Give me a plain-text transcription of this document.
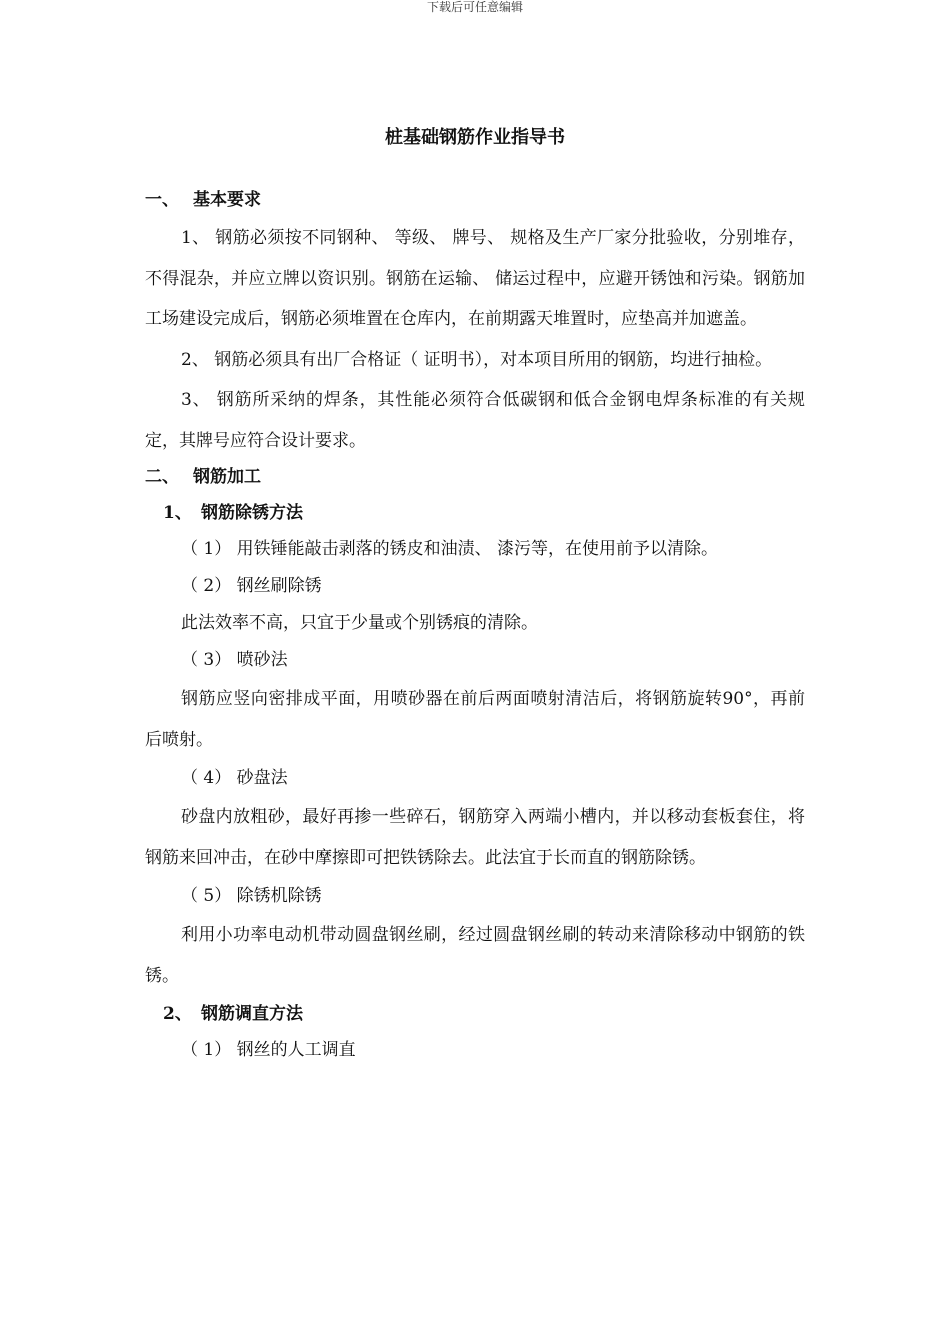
下载后可任意编辑
桩基础钢筋作业指导书
一、 基本要求

1、 钢筋必须按不同钢种、 等级、 牌号、 规格及生产厂家分批验收，分别堆存，不得混杂，并应立牌以资识别。钢筋在运输、 储运过程中，应避开锈蚀和污染。钢筋加工场建设完成后，钢筋必须堆置在仓库内，在前期露天堆置时，应垫高并加遮盖。

2、 钢筋必须具有出厂合格证（ 证明书），对本项目所用的钢筋，均进行抽检。

3、 钢筋所采纳的焊条，其性能必须符合低碳钢和低合金钢电焊条标准的有关规定，其牌号应符合设计要求。

二、 钢筋加工
1、 钢筋除锈方法

（ 1） 用铁锤能敲击剥落的锈皮和油渍、 漆污等，在使用前予以清除。

（ 2） 钢丝刷除锈

此法效率不高，只宜于少量或个别锈痕的清除。

（ 3） 喷砂法

钢筋应竖向密排成平面，用喷砂器在前后两面喷射清洁后，将钢筋旋转90°，再前后喷射。

（ 4） 砂盘法

砂盘内放粗砂，最好再掺一些碎石，钢筋穿入两端小槽内，并以移动套板套住，将钢筋来回冲击，在砂中摩擦即可把铁锈除去。此法宜于长而直的钢筋除锈。

（ 5） 除锈机除锈

利用小功率电动机带动圆盘钢丝刷，经过圆盘钢丝刷的转动来清除移动中钢筋的铁锈。

2、 钢筋调直方法

（ 1） 钢丝的人工调直
